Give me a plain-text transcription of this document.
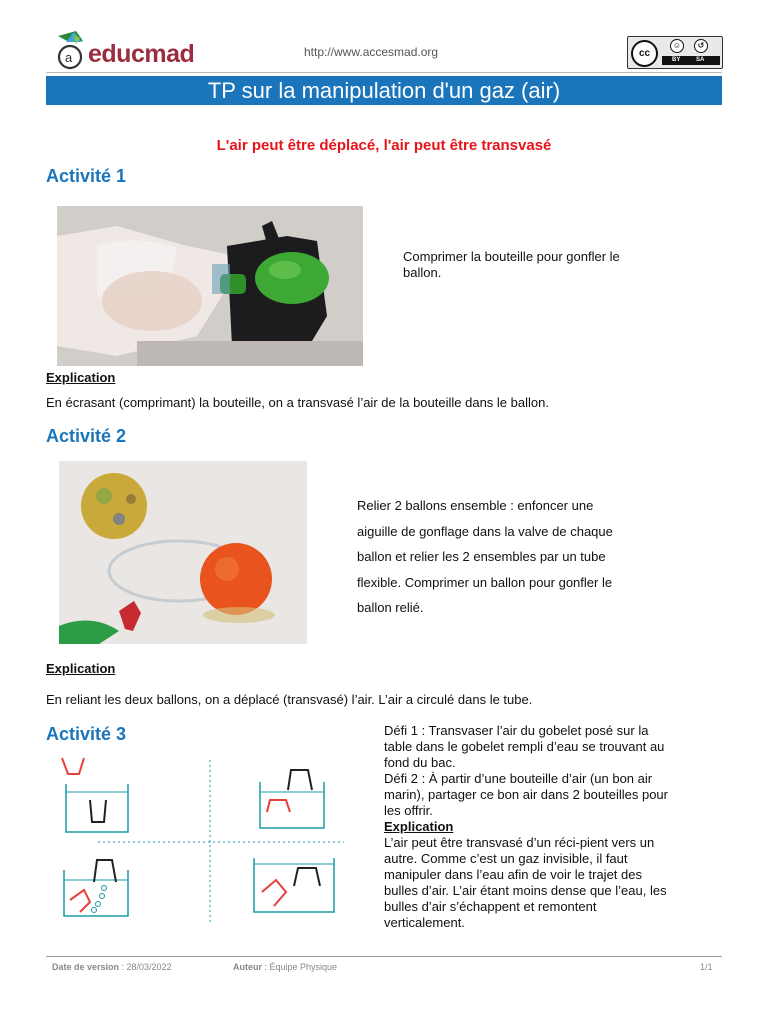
a educmad	http://www.accesmad.org	cc
☺	↺
BY	SA
TP sur la manipulation d'un gaz (air)
L'air peut être déplacé, l'air peut être transvasé
Activité 1
Comprimer la bouteille pour gonfler le
ballon.
Explication
En écrasant (comprimant) la bouteille, on a transvasé l’air de la bouteille dans le ballon.
Activité 2
Relier 2 ballons ensemble : enfoncer une
aiguille de gonflage dans la valve de chaque
ballon et relier les 2 ensembles par un tube
flexible. Comprimer un ballon pour gonfler le
ballon relié.
Explication
En reliant les deux ballons, on a déplacé (transvasé) l’air. L’air a circulé dans le tube.
Activité 3	Défi 1 : Transvaser l’air du gobelet posé sur la
table dans le gobelet rempli d’eau se trouvant au
fond du bac.
Défi 2 : À partir d’une bouteille d’air (un bon air
marin), partager ce bon air dans 2 bouteilles pour
les offrir.
Explication
L’air peut être transvasé d’un réci-pient vers un
autre. Comme c’est un gaz invisible, il faut
manipuler dans l’eau afin de voir le trajet des
bulles d’air. L’air étant moins dense que l’eau, les
bulles d’air s’échappent et remontent
verticalement.
Date de version : 28/03/2022	Auteur : Équipe Physique	1/1
